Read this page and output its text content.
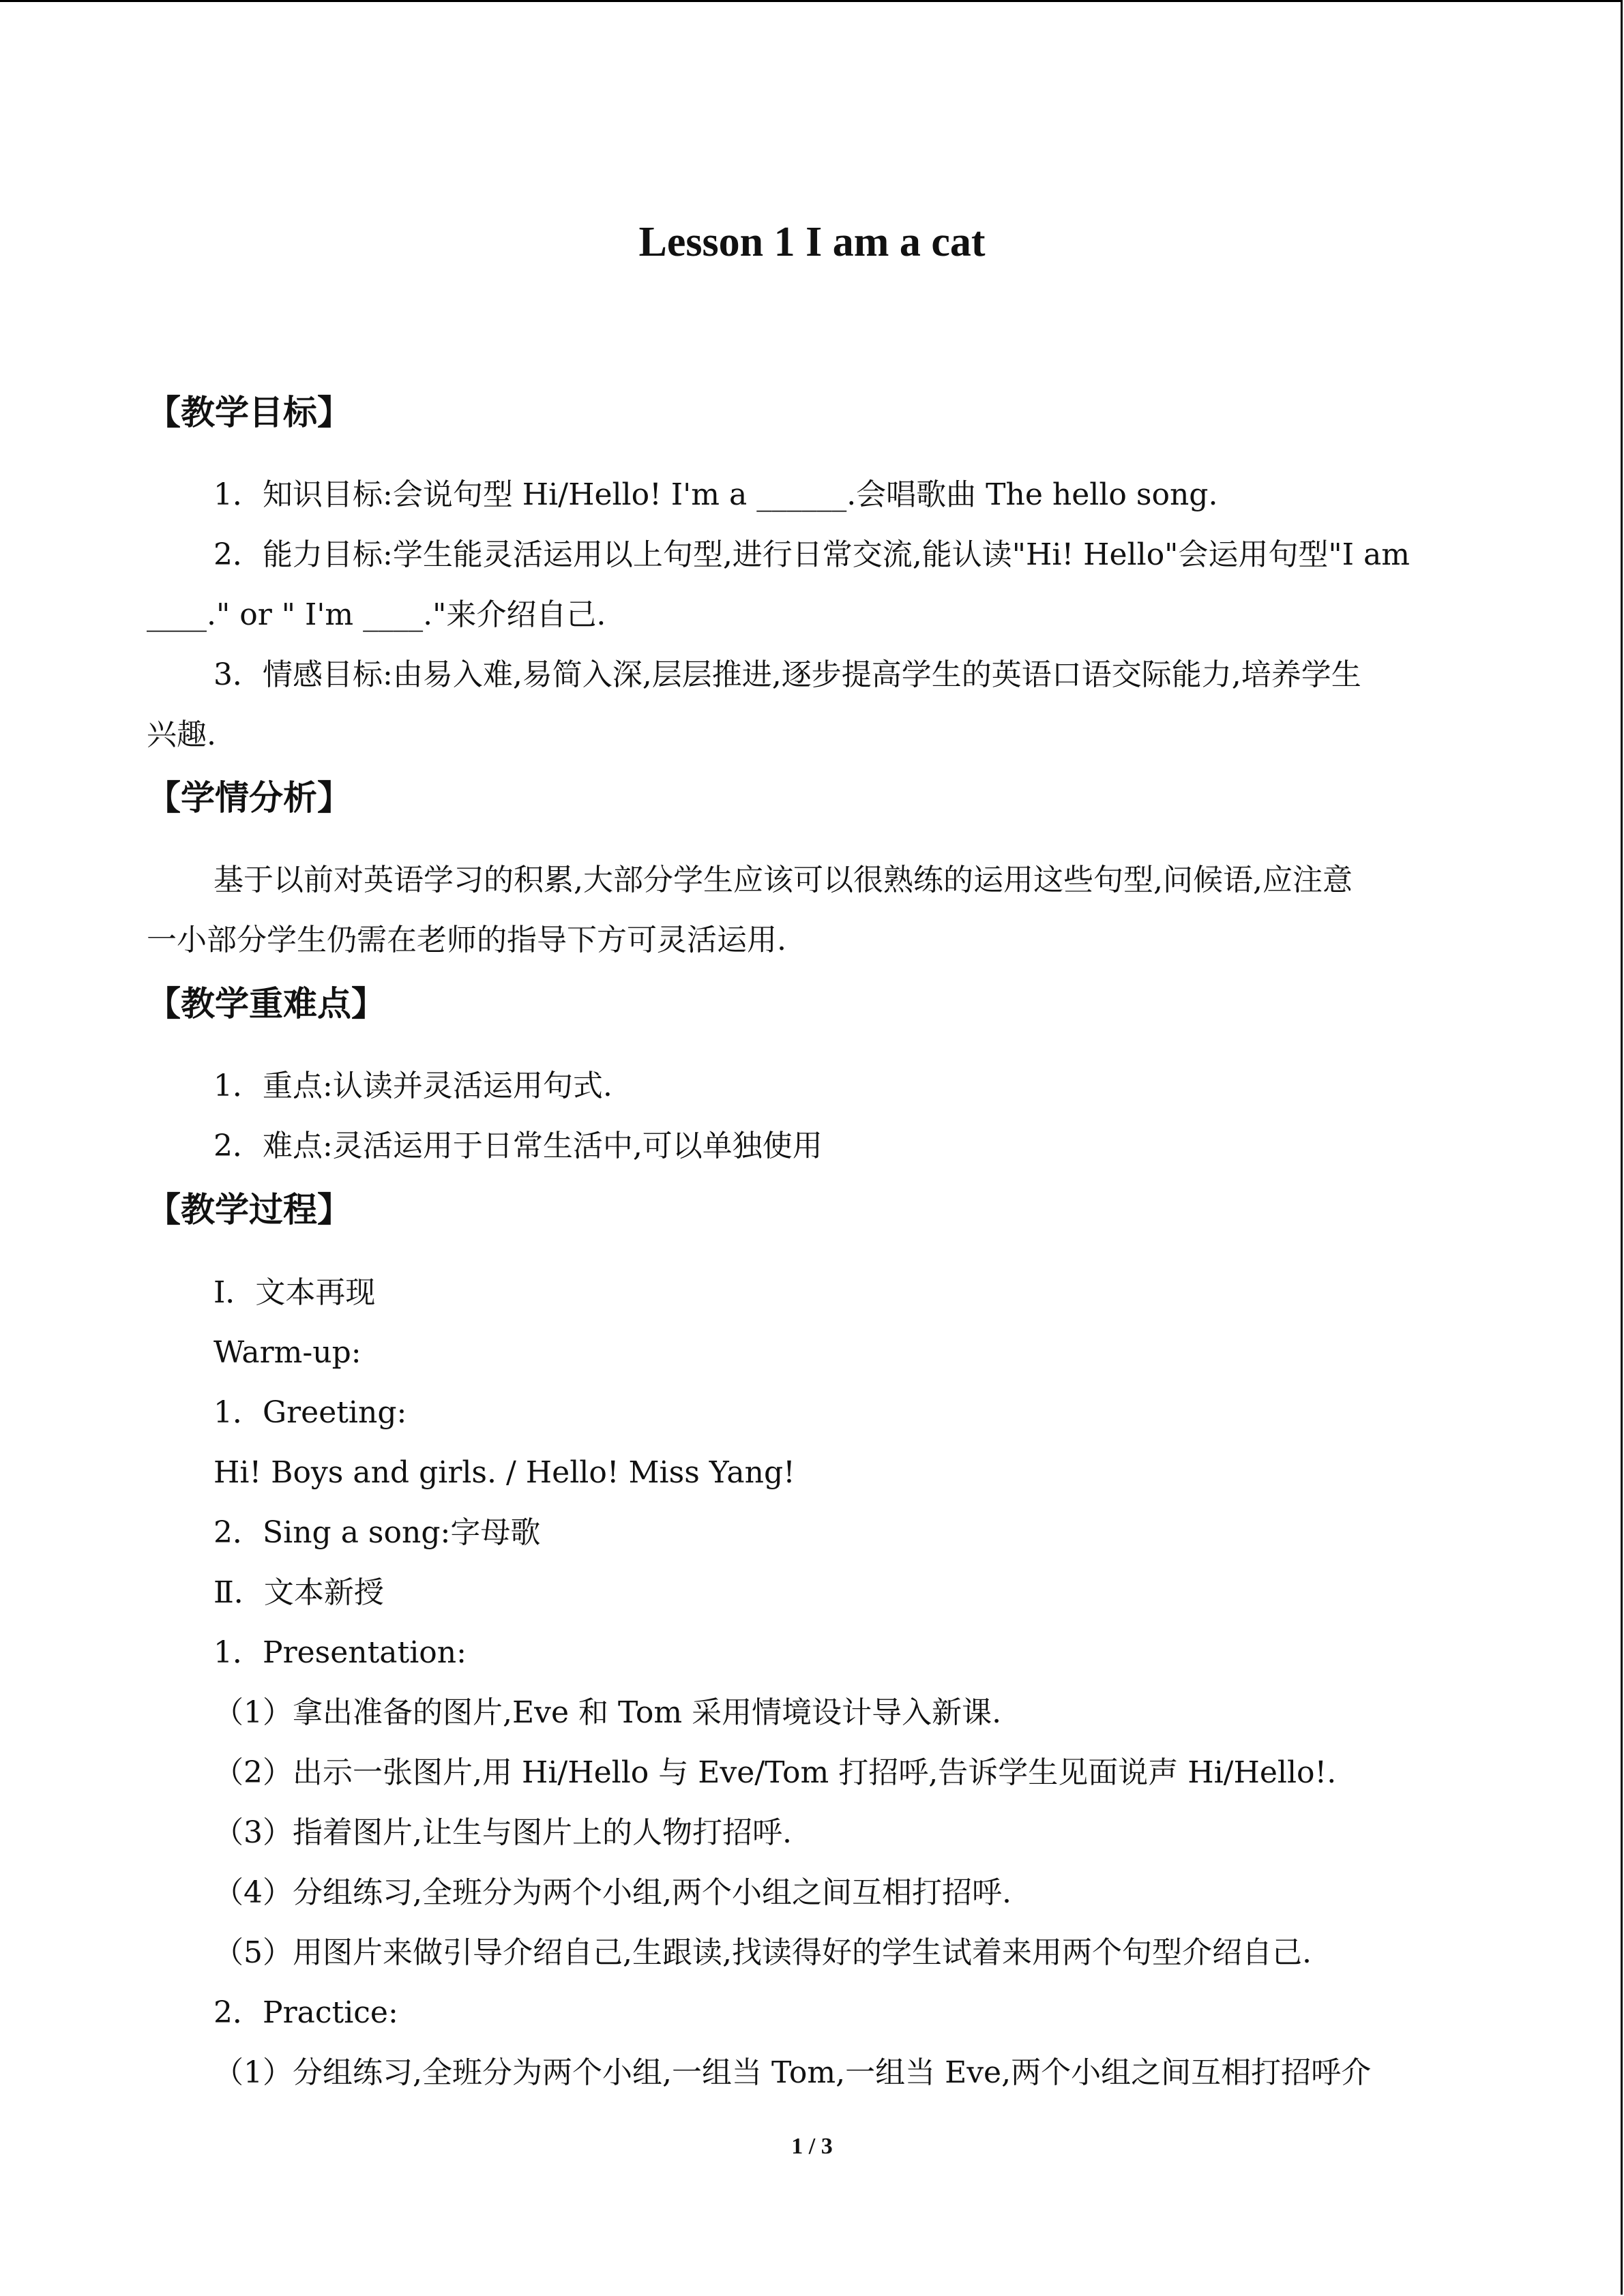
Lesson 1 I am a cat
【教学目标】
1．知识目标:会说句型 Hi/Hello! I'm a ______.会唱歌曲 The hello song.
2．能力目标:学生能灵活运用以上句型,进行日常交流,能认读"Hi! Hello"会运用句型"I am
____." or " I'm ____."来介绍自己.
3．情感目标:由易入难,易简入深,层层推进,逐步提高学生的英语口语交际能力,培养学生
兴趣.
【学情分析】
基于以前对英语学习的积累,大部分学生应该可以很熟练的运用这些句型,问候语,应注意
一小部分学生仍需在老师的指导下方可灵活运用.
【教学重难点】
1．重点:认读并灵活运用句式.
2．难点:灵活运用于日常生活中,可以单独使用
【教学过程】
Ⅰ．文本再现
Warm-up:
1．Greeting:
Hi! Boys and girls. / Hello! Miss Yang!
2．Sing a song:字母歌
Ⅱ．文本新授
1．Presentation:
（1）拿出准备的图片,Eve 和 Tom 采用情境设计导入新课.
（2）出示一张图片,用 Hi/Hello 与 Eve/Tom 打招呼,告诉学生见面说声 Hi/Hello!.
（3）指着图片,让生与图片上的人物打招呼.
（4）分组练习,全班分为两个小组,两个小组之间互相打招呼.
（5）用图片来做引导介绍自己,生跟读,找读得好的学生试着来用两个句型介绍自己.
2．Practice:
（1）分组练习,全班分为两个小组,一组当 Tom,一组当 Eve,两个小组之间互相打招呼介
1 / 3
